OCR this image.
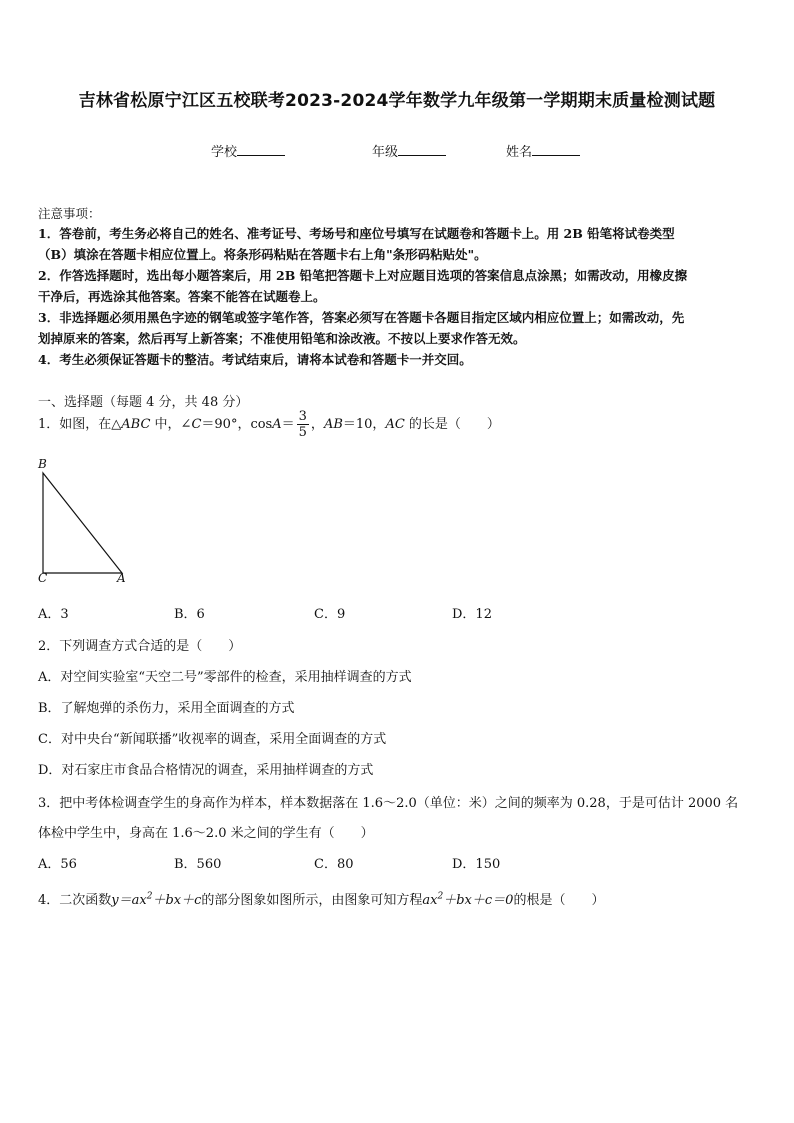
吉林省松原宁江区五校联考2023-2024学年数学九年级第一学期期末质量检测试题
学校	年级	姓名
注意事项：
1．答卷前，考生务必将自己的姓名、准考证号、考场号和座位号填写在试题卷和答题卡上。用 2B 铅笔将试卷类型
（B）填涂在答题卡相应位置上。将条形码粘贴在答题卡右上角"条形码粘贴处"。
2．作答选择题时，选出每小题答案后，用 2B 铅笔把答题卡上对应题目选项的答案信息点涂黑；如需改动，用橡皮擦
干净后，再选涂其他答案。答案不能答在试题卷上。
3．非选择题必须用黑色字迹的钢笔或签字笔作答，答案必须写在答题卡各题目指定区域内相应位置上；如需改动，先
划掉原来的答案，然后再写上新答案；不准使用铅笔和涂改液。不按以上要求作答无效。
4．考生必须保证答题卡的整洁。考试结束后，请将本试卷和答题卡一并交回。
一、选择题（每题 4 分，共 48 分）
1．如图，在△ABC 中，∠C＝90°，$\cos A= \frac{3}{5}$ ，AB＝10，AC 的长是（　　）
B
C	A
A．3	B．6	C．9	D．12
2．下列调查方式合适的是（　　）
A．对空间实验室“天空二号”零部件的检查，采用抽样调查的方式
B．了解炮弹的杀伤力，采用全面调查的方式
C．对中央台“新闻联播”收视率的调查，采用全面调查的方式
D．对石家庄市食品合格情况的调查，采用抽样调查的方式
3．把中考体检调查学生的身高作为样本，样本数据落在 1.6～2.0（单位：米）之间的频率为 0.28，于是可估计 2000 名
体检中学生中，身高在 1.6～2.0 米之间的学生有（　　）
A．56	B．560	C．80	D．150
4．二次函数$y=ax^2+bx+c$的部分图象如图所示，由图象可知方程$ax^2+bx+c=0$的根是（　　）
